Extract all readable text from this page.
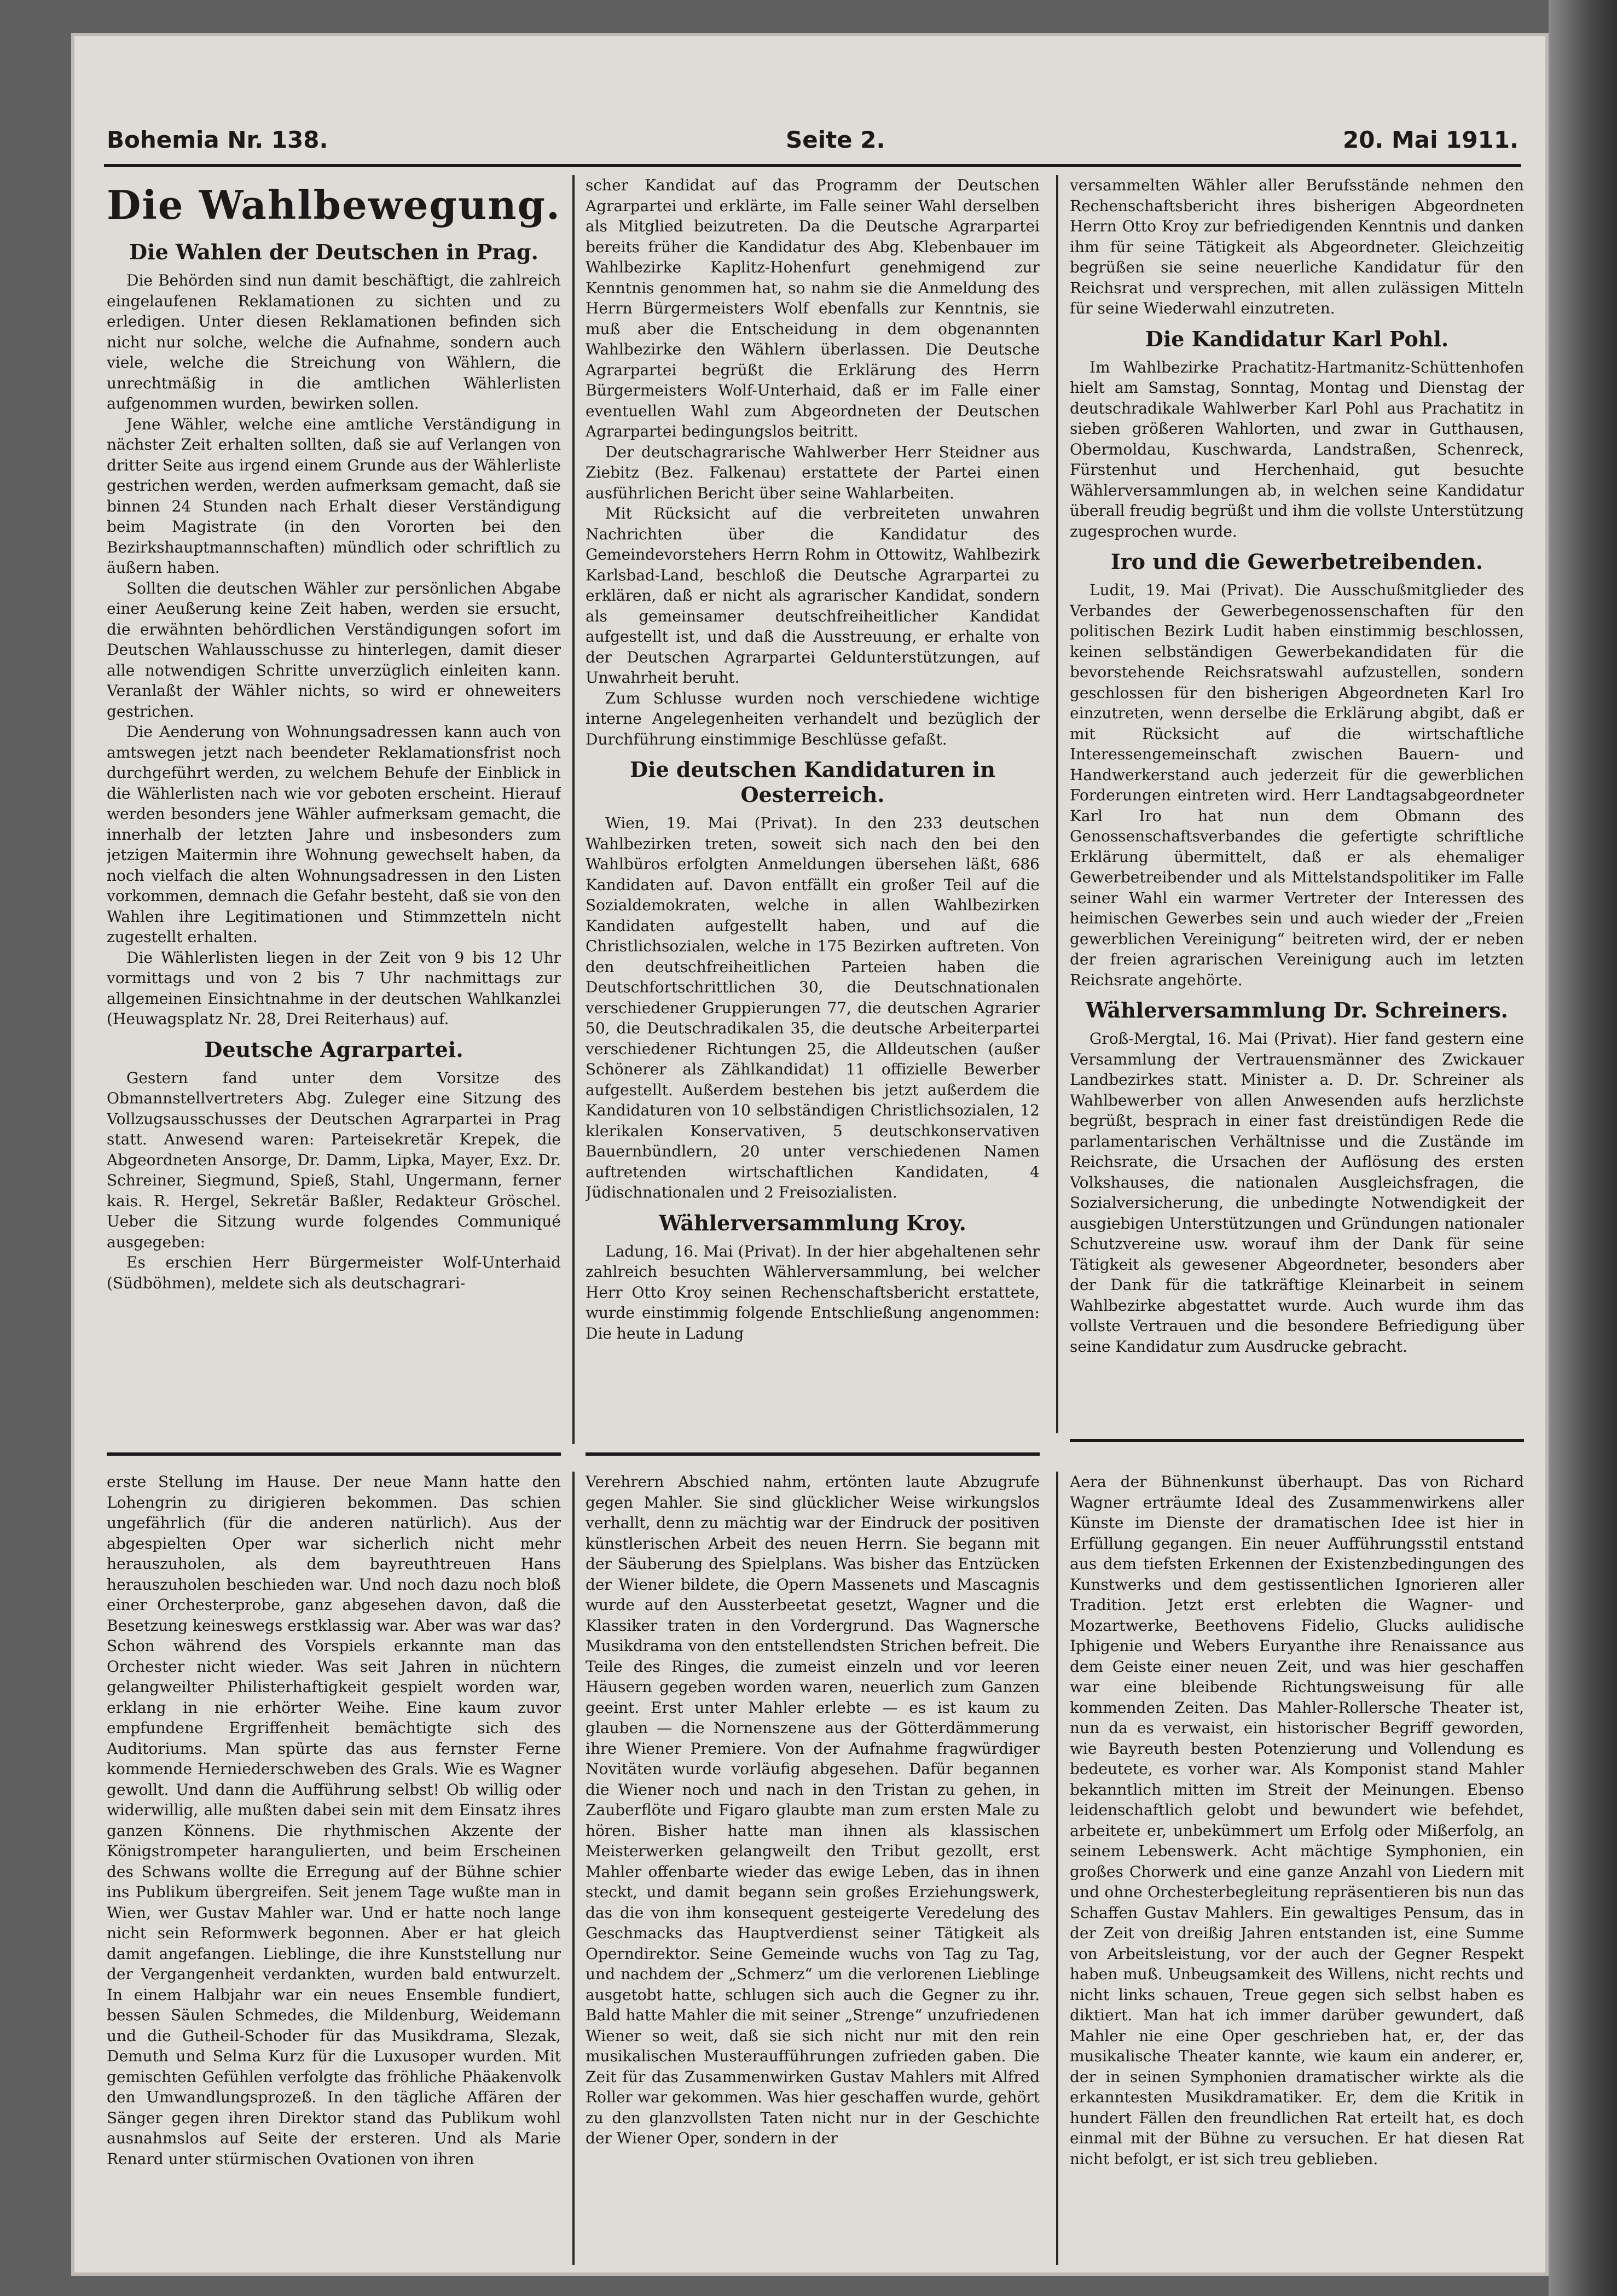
Bohemia Nr. 138.	Seite 2.	20. Mai 1911.
Die Wahlbewegung.
Die Wahlen der Deutschen in Prag.

Die Behörden sind nun damit beschäftigt, die zahlreich eingelaufenen Reklamationen zu sichten und zu erledigen. Unter diesen Reklamationen befinden sich nicht nur solche, welche die Aufnahme, sondern auch viele, welche die Streichung von Wählern, die unrechtmäßig in die amtlichen Wählerlisten aufgenommen wurden, bewirken sollen.

Jene Wähler, welche eine amtliche Verständigung in nächster Zeit erhalten sollten, daß sie auf Verlangen von dritter Seite aus irgend einem Grunde aus der Wählerliste gestrichen werden, werden aufmerksam gemacht, daß sie binnen 24 Stunden nach Erhalt dieser Verständigung beim Magistrate (in den Vororten bei den Bezirkshauptmannschaften) mündlich oder schriftlich zu äußern haben.

Sollten die deutschen Wähler zur persönlichen Abgabe einer Aeußerung keine Zeit haben, werden sie ersucht, die erwähnten behördlichen Verständigungen sofort im Deutschen Wahlausschusse zu hinterlegen, damit dieser alle notwendigen Schritte unverzüglich einleiten kann. Veranlaßt der Wähler nichts, so wird er ohneweiters gestrichen.

Die Aenderung von Wohnungsadressen kann auch von amtswegen jetzt nach beendeter Reklamationsfrist noch durchgeführt werden, zu welchem Behufe der Einblick in die Wählerlisten nach wie vor geboten erscheint. Hierauf werden besonders jene Wähler aufmerksam gemacht, die innerhalb der letzten Jahre und insbesonders zum jetzigen Maitermin ihre Wohnung gewechselt haben, da noch vielfach die alten Wohnungsadressen in den Listen vorkommen, demnach die Gefahr besteht, daß sie von den Wahlen ihre Legitimationen und Stimmzetteln nicht zugestellt erhalten.

Die Wählerlisten liegen in der Zeit von 9 bis 12 Uhr vormittags und von 2 bis 7 Uhr nachmittags zur allgemeinen Einsichtnahme in der deutschen Wahlkanzlei (Heuwagsplatz Nr. 28, Drei Reiterhaus) auf.

Deutsche Agrarpartei.

Gestern fand unter dem Vorsitze des Obmannstellvertreters Abg. Zuleger eine Sitzung des Vollzugsausschusses der Deutschen Agrarpartei in Prag statt. Anwesend waren: Parteisekretär Krepek, die Abgeordneten Ansorge, Dr. Damm, Lipka, Mayer, Exz. Dr. Schreiner, Siegmund, Spieß, Stahl, Ungermann, ferner kais. R. Hergel, Sekretär Baßler, Redakteur Gröschel. Ueber die Sitzung wurde folgendes Communiqué ausgegeben:

Es erschien Herr Bürgermeister Wolf-Unterhaid (Südböhmen), meldete sich als deutschagrari-

scher Kandidat auf das Programm der Deutschen Agrarpartei und erklärte, im Falle seiner Wahl derselben als Mitglied beizutreten. Da die Deutsche Agrarpartei bereits früher die Kandidatur des Abg. Klebenbauer im Wahlbezirke Kaplitz-Hohenfurt genehmigend zur Kenntnis genommen hat, so nahm sie die Anmeldung des Herrn Bürgermeisters Wolf ebenfalls zur Kenntnis, sie muß aber die Entscheidung in dem obgenannten Wahlbezirke den Wählern überlassen. Die Deutsche Agrarpartei begrüßt die Erklärung des Herrn Bürgermeisters Wolf-Unterhaid, daß er im Falle einer eventuellen Wahl zum Abgeordneten der Deutschen Agrarpartei bedingungslos beitritt.

Der deutschagrarische Wahlwerber Herr Steidner aus Ziebitz (Bez. Falkenau) erstattete der Partei einen ausführlichen Bericht über seine Wahlarbeiten.

Mit Rücksicht auf die verbreiteten unwahren Nachrichten über die Kandidatur des Gemeindevorstehers Herrn Rohm in Ottowitz, Wahlbezirk Karlsbad-Land, beschloß die Deutsche Agrarpartei zu erklären, daß er nicht als agrarischer Kandidat, sondern als gemeinsamer deutschfreiheitlicher Kandidat aufgestellt ist, und daß die Ausstreuung, er erhalte von der Deutschen Agrarpartei Geldunterstützungen, auf Unwahrheit beruht.

Zum Schlusse wurden noch verschiedene wichtige interne Angelegenheiten verhandelt und bezüglich der Durchführung einstimmige Beschlüsse gefaßt.

Die deutschen Kandidaturen in Oesterreich.

Wien, 19. Mai (Privat). In den 233 deutschen Wahlbezirken treten, soweit sich nach den bei den Wahlbüros erfolgten Anmeldungen übersehen läßt, 686 Kandidaten auf. Davon entfällt ein großer Teil auf die Sozialdemokraten, welche in allen Wahlbezirken Kandidaten aufgestellt haben, und auf die Christlichsozialen, welche in 175 Bezirken auftreten. Von den deutschfreiheitlichen Parteien haben die Deutschfortschrittlichen 30, die Deutschnationalen verschiedener Gruppierungen 77, die deutschen Agrarier 50, die Deutschradikalen 35, die deutsche Arbeiterpartei verschiedener Richtungen 25, die Alldeutschen (außer Schönerer als Zählkandidat) 11 offizielle Bewerber aufgestellt. Außerdem bestehen bis jetzt außerdem die Kandidaturen von 10 selbständigen Christlichsozialen, 12 klerikalen Konservativen, 5 deutschkonservativen Bauernbündlern, 20 unter verschiedenen Namen auftretenden wirtschaftlichen Kandidaten, 4 Jüdischnationalen und 2 Freisozialisten.

Wählerversammlung Kroy.

Ladung, 16. Mai (Privat). In der hier abgehaltenen sehr zahlreich besuchten Wählerversammlung, bei welcher Herr Otto Kroy seinen Rechenschaftsbericht erstattete, wurde einstimmig folgende Entschließung angenommen: Die heute in Ladung

versammelten Wähler aller Berufsstände nehmen den Rechenschaftsbericht ihres bisherigen Abgeordneten Herrn Otto Kroy zur befriedigenden Kenntnis und danken ihm für seine Tätigkeit als Abgeordneter. Gleichzeitig begrüßen sie seine neuerliche Kandidatur für den Reichsrat und versprechen, mit allen zulässigen Mitteln für seine Wiederwahl einzutreten.

Die Kandidatur Karl Pohl.

Im Wahlbezirke Prachatitz-Hartmanitz-Schüttenhofen hielt am Samstag, Sonntag, Montag und Dienstag der deutschradikale Wahlwerber Karl Pohl aus Prachatitz in sieben größeren Wahlorten, und zwar in Gutthausen, Obermoldau, Kuschwarda, Landstraßen, Schenreck, Fürstenhut und Herchenhaid, gut besuchte Wählerversammlungen ab, in welchen seine Kandidatur überall freudig begrüßt und ihm die vollste Unterstützung zugesprochen wurde.

Iro und die Gewerbetreibenden.

Ludit, 19. Mai (Privat). Die Ausschußmitglieder des Verbandes der Gewerbegenossenschaften für den politischen Bezirk Ludit haben einstimmig beschlossen, keinen selbständigen Gewerbekandidaten für die bevorstehende Reichsratswahl aufzustellen, sondern geschlossen für den bisherigen Abgeordneten Karl Iro einzutreten, wenn derselbe die Erklärung abgibt, daß er mit Rücksicht auf die wirtschaftliche Interessengemeinschaft zwischen Bauern- und Handwerkerstand auch jederzeit für die gewerblichen Forderungen eintreten wird. Herr Landtagsabgeordneter Karl Iro hat nun dem Obmann des Genossenschaftsverbandes die gefertigte schriftliche Erklärung übermittelt, daß er als ehemaliger Gewerbetreibender und als Mittelstandspolitiker im Falle seiner Wahl ein warmer Vertreter der Interessen des heimischen Gewerbes sein und auch wieder der „Freien gewerblichen Vereinigung“ beitreten wird, der er neben der freien agrarischen Vereinigung auch im letzten Reichsrate angehörte.

Wählerversammlung Dr. Schreiners.

Groß-Mergtal, 16. Mai (Privat). Hier fand gestern eine Versammlung der Vertrauensmänner des Zwickauer Landbezirkes statt. Minister a. D. Dr. Schreiner als Wahlbewerber von allen Anwesenden aufs herzlichste begrüßt, besprach in einer fast dreistündigen Rede die parlamentarischen Verhältnisse und die Zustände im Reichsrate, die Ursachen der Auflösung des ersten Volkshauses, die nationalen Ausgleichsfragen, die Sozialversicherung, die unbedingte Notwendigkeit der ausgiebigen Unterstützungen und Gründungen nationaler Schutzvereine usw. worauf ihm der Dank für seine Tätigkeit als gewesener Abgeordneter, besonders aber der Dank für die tatkräftige Kleinarbeit in seinem Wahlbezirke abgestattet wurde. Auch wurde ihm das vollste Vertrauen und die besondere Befriedigung über seine Kandidatur zum Ausdrucke gebracht.

erste Stellung im Hause. Der neue Mann hatte den Lohengrin zu dirigieren bekommen. Das schien ungefährlich (für die anderen natürlich). Aus der abgespielten Oper war sicherlich nicht mehr herauszuholen, als dem bayreuthtreuen Hans herauszuholen beschieden war. Und noch dazu noch bloß einer Orchesterprobe, ganz abgesehen davon, daß die Besetzung keineswegs erstklassig war. Aber was war das? Schon während des Vorspiels erkannte man das Orchester nicht wieder. Was seit Jahren in nüchtern gelangweilter Philisterhaftigkeit gespielt worden war, erklang in nie erhörter Weihe. Eine kaum zuvor empfundene Ergriffenheit bemächtigte sich des Auditoriums. Man spürte das aus fernster Ferne kommende Herniederschweben des Grals. Wie es Wagner gewollt. Und dann die Aufführung selbst! Ob willig oder widerwillig, alle mußten dabei sein mit dem Einsatz ihres ganzen Könnens. Die rhythmischen Akzente der Königstrompeter harangulierten, und beim Erscheinen des Schwans wollte die Erregung auf der Bühne schier ins Publikum übergreifen. Seit jenem Tage wußte man in Wien, wer Gustav Mahler war. Und er hatte noch lange nicht sein Reformwerk begonnen. Aber er hat gleich damit angefangen. Lieblinge, die ihre Kunststellung nur der Vergangenheit verdankten, wurden bald entwurzelt. In einem Halbjahr war ein neues Ensemble fundiert, bessen Säulen Schmedes, die Mildenburg, Weidemann und die Gutheil-Schoder für das Musikdrama, Slezak, Demuth und Selma Kurz für die Luxusoper wurden. Mit gemischten Gefühlen verfolgte das fröhliche Phäakenvolk den Umwandlungsprozeß. In den tägliche Affären der Sänger gegen ihren Direktor stand das Publikum wohl ausnahmslos auf Seite der ersteren. Und als Marie Renard unter stürmischen Ovationen von ihren

Verehrern Abschied nahm, ertönten laute Abzugrufe gegen Mahler. Sie sind glücklicher Weise wirkungslos verhallt, denn zu mächtig war der Eindruck der positiven künstlerischen Arbeit des neuen Herrn. Sie begann mit der Säuberung des Spielplans. Was bisher das Entzücken der Wiener bildete, die Opern Massenets und Mascagnis wurde auf den Aussterbeetat gesetzt, Wagner und die Klassiker traten in den Vordergrund. Das Wagnersche Musikdrama von den entstellendsten Strichen befreit. Die Teile des Ringes, die zumeist einzeln und vor leeren Häusern gegeben worden waren, neuerlich zum Ganzen geeint. Erst unter Mahler erlebte — es ist kaum zu glauben — die Nornenszene aus der Götterdämmerung ihre Wiener Premiere. Von der Aufnahme fragwürdiger Novitäten wurde vorläufig abgesehen. Dafür begannen die Wiener noch und nach in den Tristan zu gehen, in Zauberflöte und Figaro glaubte man zum ersten Male zu hören. Bisher hatte man ihnen als klassischen Meisterwerken gelangweilt den Tribut gezollt, erst Mahler offenbarte wieder das ewige Leben, das in ihnen steckt, und damit begann sein großes Erziehungswerk, das die von ihm konsequent gesteigerte Veredelung des Geschmacks das Hauptverdienst seiner Tätigkeit als Operndirektor. Seine Gemeinde wuchs von Tag zu Tag, und nachdem der „Schmerz“ um die verlorenen Lieblinge ausgetobt hatte, schlugen sich auch die Gegner zu ihr. Bald hatte Mahler die mit seiner „Strenge“ unzufriedenen Wiener so weit, daß sie sich nicht nur mit den rein musikalischen Musteraufführungen zufrieden gaben. Die Zeit für das Zusammenwirken Gustav Mahlers mit Alfred Roller war gekommen. Was hier geschaffen wurde, gehört zu den glanzvollsten Taten nicht nur in der Geschichte der Wiener Oper, sondern in der

Aera der Bühnenkunst überhaupt. Das von Richard Wagner erträumte Ideal des Zusammenwirkens aller Künste im Dienste der dramatischen Idee ist hier in Erfüllung gegangen. Ein neuer Aufführungsstil entstand aus dem tiefsten Erkennen der Existenzbedingungen des Kunstwerks und dem gestissentlichen Ignorieren aller Tradition. Jetzt erst erlebten die Wagner- und Mozartwerke, Beethovens Fidelio, Glucks aulidische Iphigenie und Webers Euryanthe ihre Renaissance aus dem Geiste einer neuen Zeit, und was hier geschaffen war eine bleibende Richtungsweisung für alle kommenden Zeiten. Das Mahler-Rollersche Theater ist, nun da es verwaist, ein historischer Begriff geworden, wie Bayreuth besten Potenzierung und Vollendung es bedeutete, es vorher war. Als Komponist stand Mahler bekanntlich mitten im Streit der Meinungen. Ebenso leidenschaftlich gelobt und bewundert wie befehdet, arbeitete er, unbekümmert um Erfolg oder Mißerfolg, an seinem Lebenswerk. Acht mächtige Symphonien, ein großes Chorwerk und eine ganze Anzahl von Liedern mit und ohne Orchesterbegleitung repräsentieren bis nun das Schaffen Gustav Mahlers. Ein gewaltiges Pensum, das in der Zeit von dreißig Jahren entstanden ist, eine Summe von Arbeitsleistung, vor der auch der Gegner Respekt haben muß. Unbeugsamkeit des Willens, nicht rechts und nicht links schauen, Treue gegen sich selbst haben es diktiert. Man hat ich immer darüber gewundert, daß Mahler nie eine Oper geschrieben hat, er, der das musikalische Theater kannte, wie kaum ein anderer, er, der in seinen Symphonien dramatischer wirkte als die erkanntesten Musikdramatiker. Er, dem die Kritik in hundert Fällen den freundlichen Rat erteilt hat, es doch einmal mit der Bühne zu versuchen. Er hat diesen Rat nicht befolgt, er ist sich treu geblieben.
